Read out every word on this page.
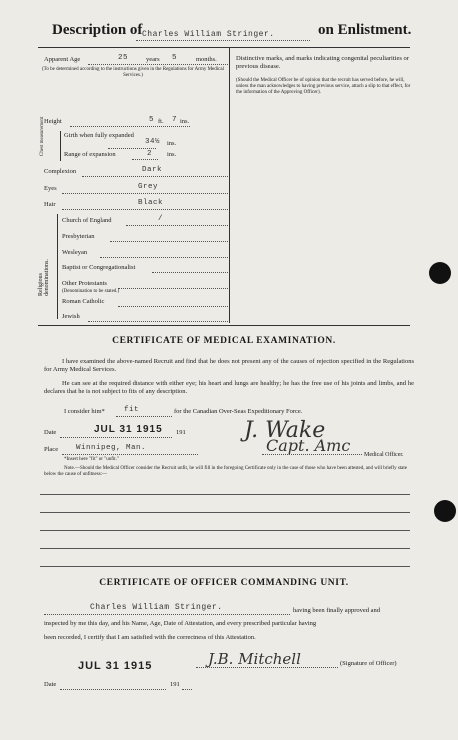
Description of Charles William Stringer.	on Enlistment.
Apparent Age	25	years 5	months.
(To be determined according to the instructions given in the Regulations for Army Medical Services.)
Distinctive marks, and marks indicating congenital peculiarities or previous disease.
(Should the Medical Officer be of opinion that the recruit has served before, he will, unless the man acknowledges to having previous service, attach a slip to that effect, for the information of the Approving Officer).
Height	5 ft. 7 ins.
Chest measurement	Girth when fully expanded
34½ ins.
Range of expansion	2 ins.
Complexion	Dark
Eyes	Grey
Hair	Black
Religious denominations.
Church of England	/
Presbyterian
Wesleyan
Baptist or Congregationalist
Other Protestants
(Denomination to be stated.)
Roman Catholic
Jewish
CERTIFICATE OF MEDICAL EXAMINATION.
I have examined the above-named Recruit and find that he does not present any of the causes of rejection specified in the Regulations for Army Medical Services.
He can see at the required distance with either eye; his heart and lungs are healthy; he has the free use of his joints and limbs, and he declares that he is not subject to fits of any description.
I consider him*	fit	for the Canadian Over-Seas Expeditionary Force.
Date	JUL 31 1915 191	J. Wake
Capt. Amc
Place Winnipeg, Man.
Medical Officer.
*Insert here "fit" or "unfit."
Note.—Should the Medical Officer consider the Recruit unfit, he will fill in the foregoing Certificate only in the case of those who have been attested, and will briefly state below the cause of unfitness:—
CERTIFICATE OF OFFICER COMMANDING UNIT.
Charles William Stringer.	having been finally approved and
inspected by me this day, and his Name, Age, Date of Attestation, and every prescribed particular having
been recorded, I certify that I am satisfied with the correctness of this Attestation.
JUL 31 1915	J.B. Mitchell	(Signature of Officer)
Date	191
